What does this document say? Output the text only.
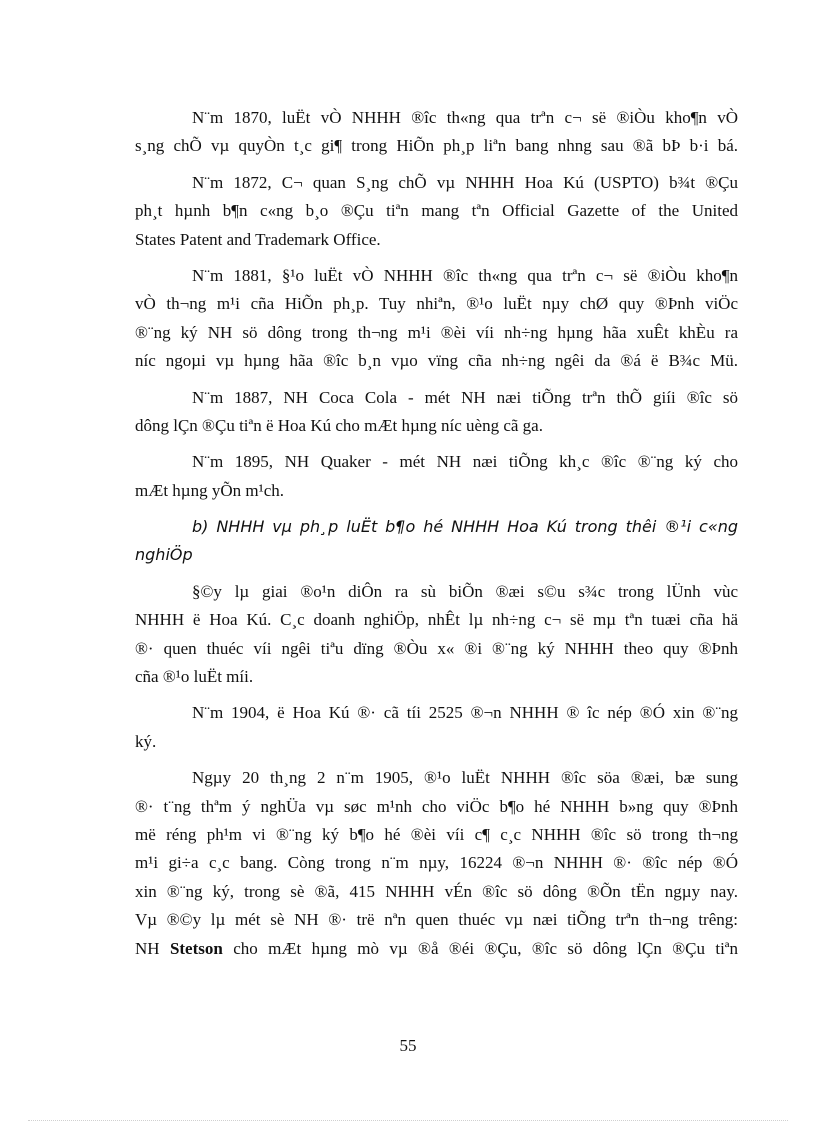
N¨m 1870, luËt vÒ NHHH ®îc th«ng qua trªn c¬ së ®iÒu kho¶n vÒ
s¸ng chÕ vµ quyÒn t¸c gi¶ trong HiÕn ph¸p liªn bang nhng sau ®ã bÞ b·i bá.
N¨m 1872, C¬ quan S¸ng chÕ vµ NHHH Hoa Kú (USPTO) b¾t ®Çu
ph¸t hµnh b¶n c«ng b¸o ®Çu tiªn mang tªn Official Gazette of the United
States Patent and Trademark Office.
N¨m 1881, §¹o luËt vÒ NHHH ®îc th«ng qua trªn c¬ së ®iÒu kho¶n
vÒ th¬ng m¹i cña HiÕn ph¸p. Tuy nhiªn, ®¹o luËt nµy chØ quy ®Þnh viÖc
®¨ng ký NH sö dông trong th¬ng m¹i ®èi víi nh÷ng hµng hãa xuÊt khÈu ra
níc ngoµi vµ hµng hãa ®îc b¸n vµo vïng cña nh÷ng ngêi da ®á ë B¾c Mü.
N¨m 1887, NH Coca Cola - mét NH næi tiÕng trªn thÕ giíi ®îc sö
dông lÇn ®Çu tiªn ë Hoa Kú cho mÆt hµng níc uèng cã ga.
N¨m 1895, NH Quaker - mét NH næi tiÕng kh¸c ®îc ®¨ng ký cho
mÆt hµng yÕn m¹ch.
b) NHHH vµ ph¸p luËt b¶o hé NHHH Hoa Kú trong thêi ®¹i c«ng
nghiÖp
§©y lµ giai ®o¹n diÔn ra sù biÕn ®æi s©u s¾c trong lÜnh vùc
NHHH ë Hoa Kú. C¸c doanh nghiÖp, nhÊt lµ nh÷ng c¬ së mµ tªn tuæi cña hä
®· quen thuéc víi ngêi tiªu dïng ®Òu x« ®i ®¨ng ký NHHH theo quy ®Þnh
cña ®¹o luËt míi.
N¨m 1904, ë Hoa Kú ®· cã tíi 2525 ®¬n NHHH ® îc nép ®Ó xin ®¨ng
ký.
Ngµy 20 th¸ng 2 n¨m 1905, ®¹o luËt NHHH ®îc söa ®æi, bæ sung
®· t¨ng thªm ý nghÜa vµ søc m¹nh cho viÖc b¶o hé NHHH b»ng quy ®Þnh
më réng ph¹m vi ®¨ng ký b¶o hé ®èi víi c¶ c¸c NHHH ®îc sö trong th¬ng
m¹i gi÷a c¸c bang. Còng trong n¨m nµy, 16224 ®¬n NHHH ®· ®îc nép ®Ó
xin ®¨ng ký, trong sè ®ã, 415 NHHH vÉn ®îc sö dông ®Õn tËn ngµy nay.
Vµ ®©y lµ mét sè NH ®· trë nªn quen thuéc vµ næi tiÕng trªn th¬ng trêng:
NH Stetson cho mÆt hµng mò vµ ®å ®éi ®Çu, ®îc sö dông lÇn ®Çu tiªn
55
